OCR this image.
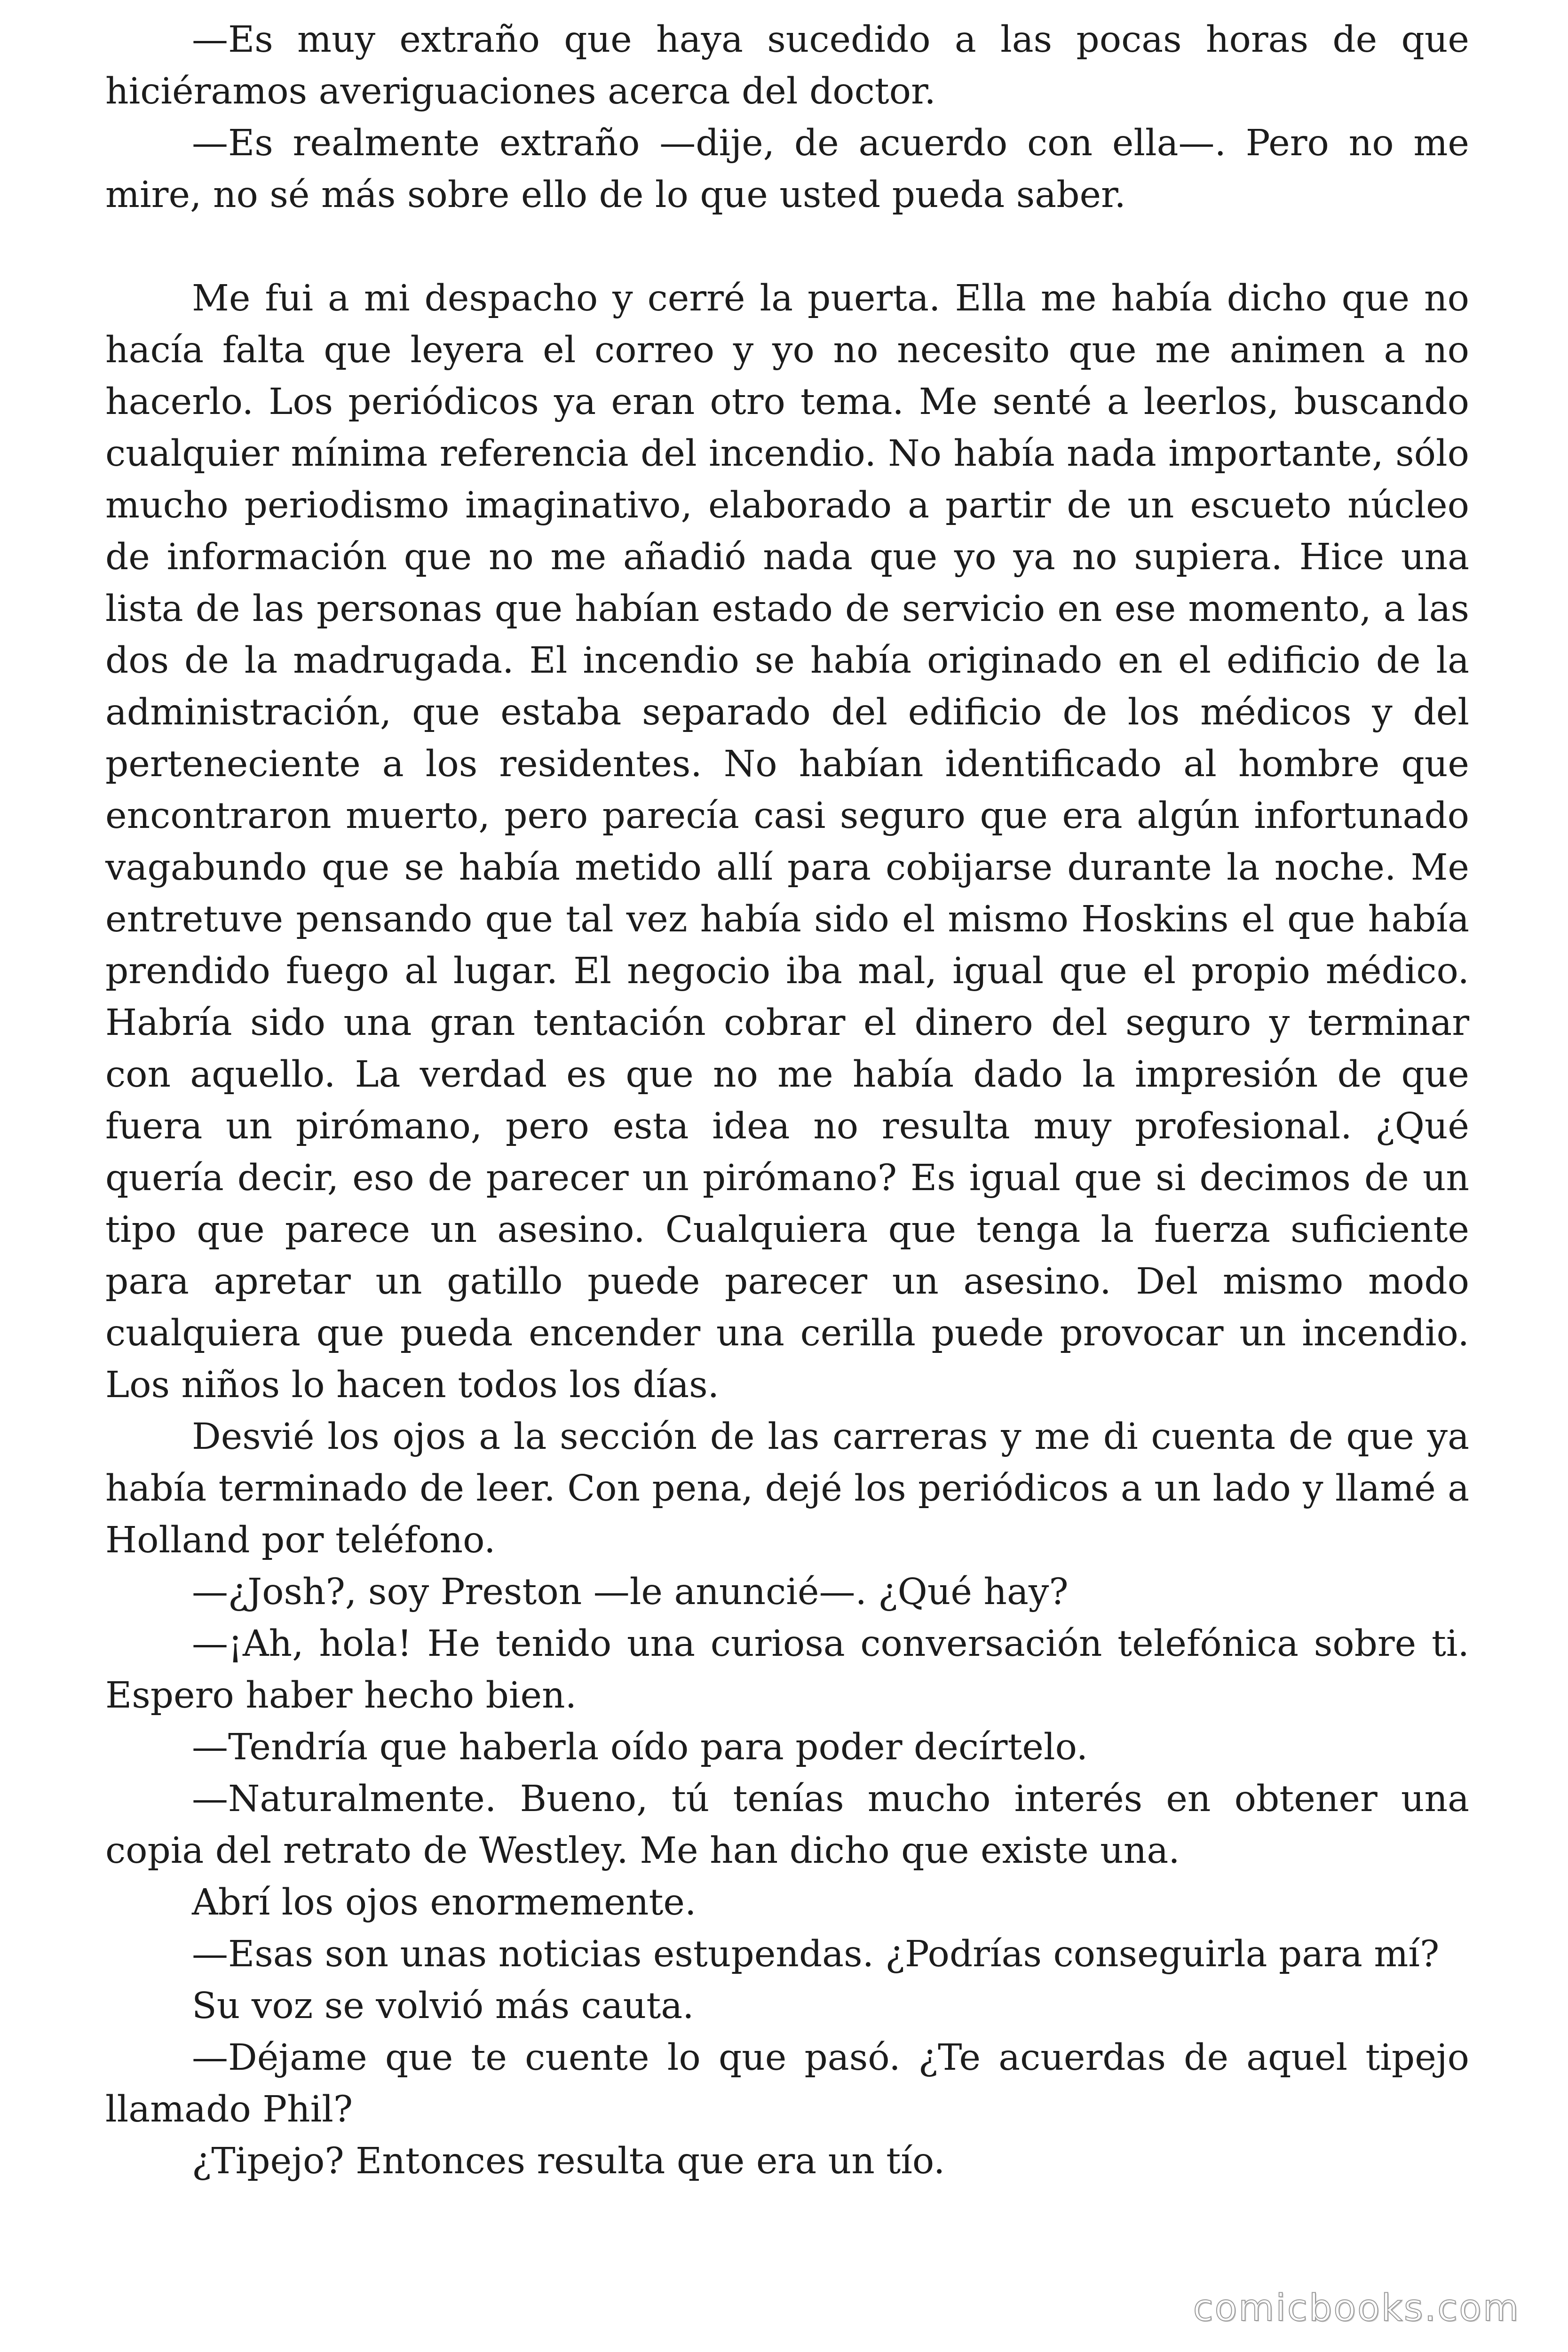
—Es muy extraño que haya sucedido a las pocas horas de que hiciéramos averiguaciones acerca del doctor.

—Es realmente extraño —dije, de acuerdo con ella—. Pero no me mire, no sé más sobre ello de lo que usted pueda saber.

Me fui a mi despacho y cerré la puerta. Ella me había dicho que no hacía falta que leyera el correo y yo no necesito que me animen a no hacerlo. Los periódicos ya eran otro tema. Me senté a leerlos, buscando cualquier mínima referencia del incendio. No había nada importante, sólo mucho periodismo imaginativo, elaborado a partir de un escueto núcleo de información que no me añadió nada que yo ya no supiera. Hice una lista de las personas que habían estado de servicio en ese momento, a las dos de la madrugada. El incendio se había originado en el edificio de la administración, que estaba separado del edificio de los médicos y del perteneciente a los residentes. No habían identificado al hombre que encontraron muerto, pero parecía casi seguro que era algún infortunado vagabundo que se había metido allí para cobijarse durante la noche. Me entretuve pensando que tal vez había sido el mismo Hoskins el que había prendido fuego al lugar. El negocio iba mal, igual que el propio médico. Habría sido una gran tentación cobrar el dinero del seguro y terminar con aquello. La verdad es que no me había dado la impresión de que fuera un pirómano, pero esta idea no resulta muy profesional. ¿Qué quería decir, eso de parecer un pirómano? Es igual que si decimos de un tipo que parece un asesino. Cualquiera que tenga la fuerza suficiente para apretar un gatillo puede parecer un asesino. Del mismo modo cualquiera que pueda encender una cerilla puede provocar un incendio. Los niños lo hacen todos los días.

Desvié los ojos a la sección de las carreras y me di cuenta de que ya había terminado de leer. Con pena, dejé los periódicos a un lado y llamé a Holland por teléfono.

—¿Josh?, soy Preston —le anuncié—. ¿Qué hay?

—¡Ah, hola! He tenido una curiosa conversación telefónica sobre ti. Espero haber hecho bien.

—Tendría que haberla oído para poder decírtelo.

—Naturalmente. Bueno, tú tenías mucho interés en obtener una copia del retrato de Westley. Me han dicho que existe una.

Abrí los ojos enormemente.

—Esas son unas noticias estupendas. ¿Podrías conseguirla para mí?

Su voz se volvió más cauta.

—Déjame que te cuente lo que pasó. ¿Te acuerdas de aquel tipejo llamado Phil?

¿Tipejo? Entonces resulta que era un tío.

comicbooks.com
